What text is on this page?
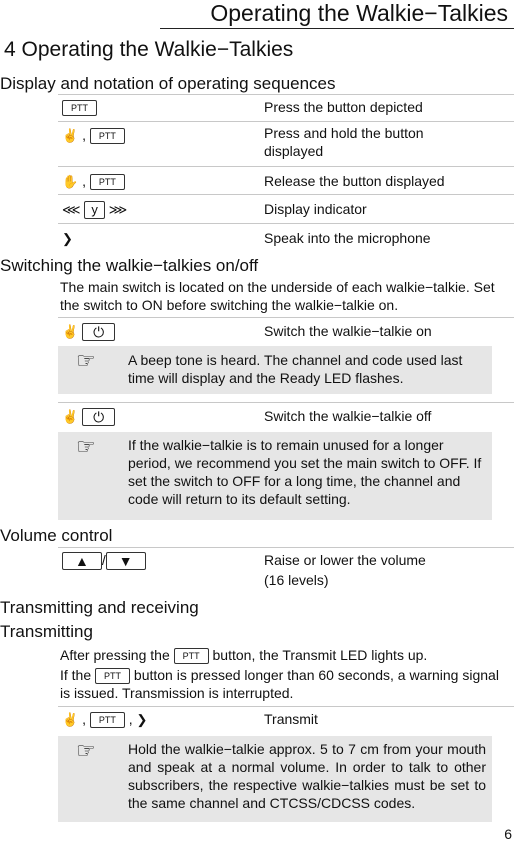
Operating the Walkie−Talkies
4 Operating the Walkie−Talkies
Display and notation of operating sequences
PTT	Press the button depicted
✌ , PTT	Press and hold the button displayed
✋ , PTT	Release the button displayed
⋘ y ⋙	Display indicator
❯	Speak into the microphone
Switching the walkie−talkies on/off
The main switch is located on the underside of each walkie−talkie. Set the switch to ON before switching the walkie−talkie on.
✌ ⏻	Switch the walkie−talkie on
☞ A beep tone is heard. The channel and code used last time will display and the Ready LED flashes.
✌ ⏻	Switch the walkie−talkie off
☞ If the walkie−talkie is to remain unused for a longer period, we recommend you set the main switch to OFF. If set the switch to OFF for a long time, the channel and code will return to its default setting.
Volume control
▲ / ▼	Raise or lower the volume
(16 levels)
Transmitting and receiving
Transmitting
After pressing the PTT button, the Transmit LED lights up.
If the PTT button is pressed longer than 60 seconds, a warning signal is issued. Transmission is interrupted.
✌ , PTT , ❯	Transmit
☞ Hold the walkie−talkie approx. 5 to 7 cm from your mouth and speak at a normal volume. In order to talk to other subscribers, the respective walkie−talkies must be set to the same channel and CTCSS/CDCSS codes.
6
